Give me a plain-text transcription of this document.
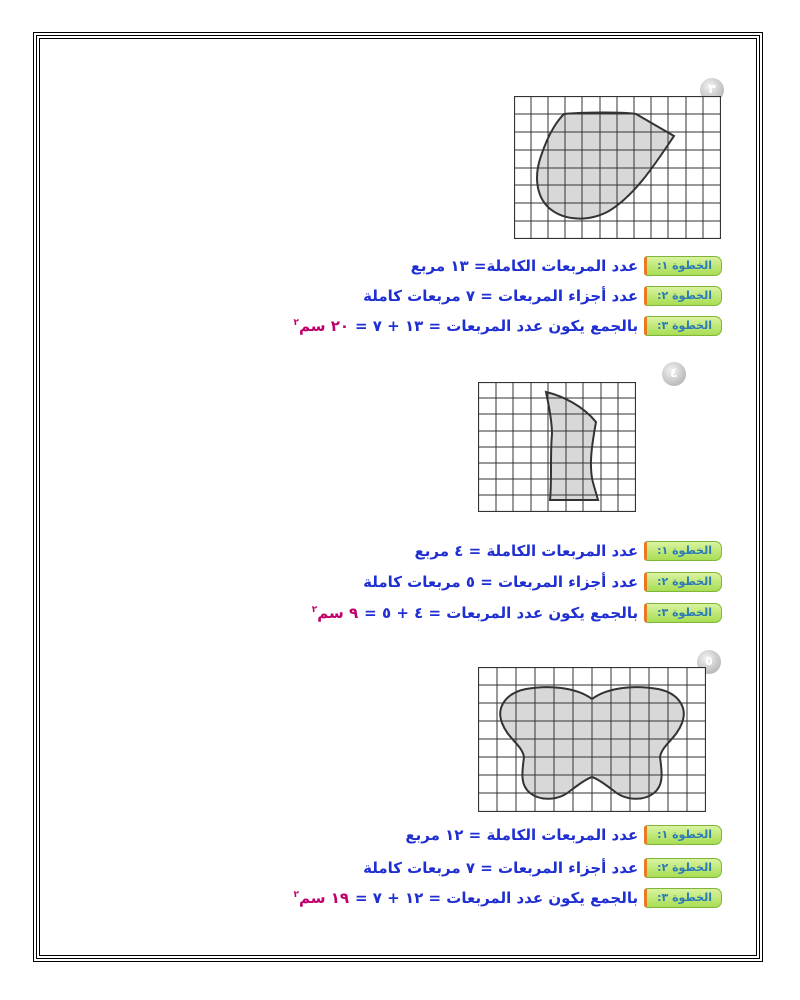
٣
الخطوة ١:
عدد المربعات الكاملة= ١٣ مربع
الخطوة ٢:
عدد أجزاء المربعات = ٧ مربعات كاملة
الخطوة ٣:
بالجمع يكون عدد المربعات = ١٣ + ٧ =
٢٠ سم$^٢$
٤
الخطوة ١:
عدد المربعات الكاملة = ٤ مربع
الخطوة ٢:
عدد أجزاء المربعات = ٥ مربعات كاملة
الخطوة ٣:
بالجمع يكون عدد المربعات = ٤ + ٥ =
٩ سم$^٢$
٥
الخطوة ١:
عدد المربعات الكاملة = ١٢ مربع
الخطوة ٢:
عدد أجزاء المربعات = ٧ مربعات كاملة
الخطوة ٣:
بالجمع يكون عدد المربعات = ١٢ + ٧ =
١٩ سم$^٢$
